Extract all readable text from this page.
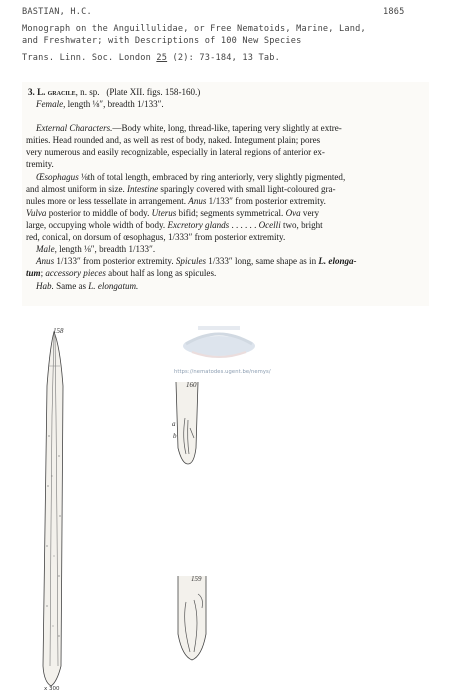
BASTIAN, H.C.	1865
Monograph on the Anguillulidae, or Free Nematoids, Marine, Land,
and Freshwater; with Descriptions of 100 New Species
Trans. Linn. Soc. London 25 (2): 73-184, 13 Tab.
3. L. gracile, n. sp. (Plate XII. figs. 158-160.)
Female, length ⅛″, breadth 1/133″.
External Characters.—Body white, long, thread-like, tapering very slightly at extre-
mities. Head rounded and, as well as rest of body, naked. Integument plain; pores
very numerous and easily recognizable, especially in lateral regions of anterior ex-
tremity.
Œsophagus ⅛th of total length, embraced by ring anteriorly, very slightly pigmented,
and almost uniform in size. Intestine sparingly covered with small light-coloured gra-
nules more or less tessellate in arrangement. Anus 1/133″ from posterior extremity.
Vulva posterior to middle of body. Uterus bifid; segments symmetrical. Ova very
large, occupying whole width of body. Excretory glands . . . . . . Ocelli two, bright
red, conical, on dorsum of œsophagus, 1/333″ from posterior extremity.
Male, length ⅛″, breadth 1/133″.
Anus 1/133″ from posterior extremity. Spicules 1/333″ long, same shape as in L. elonga-
tum; accessory pieces about half as long as spicules.
Hab. Same as L. elongatum.
https://nematodes.ugent.be/nemys/
158
x 300
160
a
b
159
